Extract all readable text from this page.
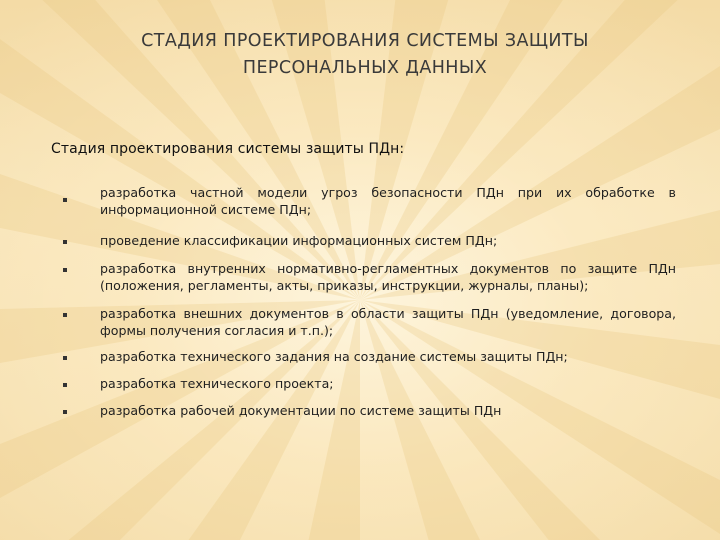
СТАДИЯ ПРОЕКТИРОВАНИЯ СИСТЕМЫ ЗАЩИТЫ
ПЕРСОНАЛЬНЫХ ДАННЫХ

Стадия проектирования системы защиты ПДн:

разработка частной модели угроз безопасности ПДн при их обработке в информационной системе ПДн;

проведение классификации информационных систем ПДн;

разработка внутренних нормативно-регламентных документов по защите ПДн (положения, регламенты, акты, приказы, инструкции, журналы, планы);

разработка внешних документов в области защиты ПДн (уведомление, договора, формы получения согласия и т.п.);

разработка технического задания на создание системы защиты ПДн;

разработка технического проекта;

разработка рабочей документации по системе защиты ПДн
